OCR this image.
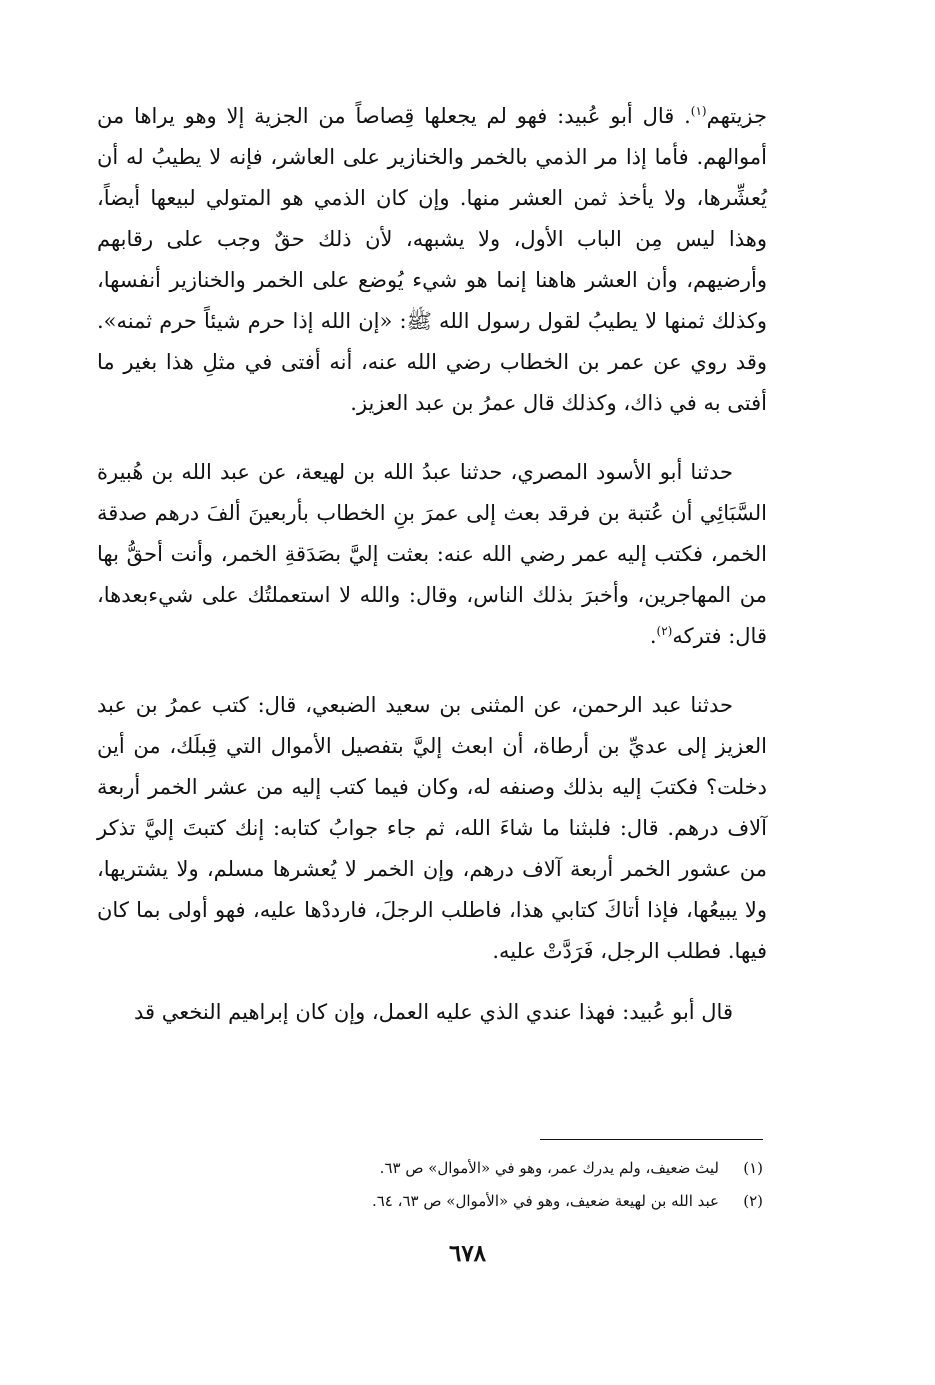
جزيتهم$^{(١)}$. قال أبو عُبيد: فهو لم يجعلها قِصاصاً من الجزية إلا وهو يراها من أموالهم. فأما إذا مر الذمي بالخمر والخنازير على العاشر، فإنه لا يطيبُ له أن يُعشِّرها، ولا يأخذ ثمن العشر منها. وإن كان الذمي هو المتولي لبيعها أيضاً، وهذا ليس مِن الباب الأول، ولا يشبهه، لأن ذلك حقٌ وجب على رقابهم وأرضيهم، وأن العشر هاهنا إنما هو شيء يُوضع على الخمر والخنازير أنفسها، وكذلك ثمنها لا يطيبُ لقول رسول الله ﷺ: «إن الله إذا حرم شيئاً حرم ثمنه». وقد روي عن عمر بن الخطاب رضي الله عنه، أنه أفتى في مثلِ هذا بغير ما أفتى به في ذاك، وكذلك قال عمرُ بن عبد العزيز.

حدثنا أبو الأسود المصري، حدثنا عبدُ الله بن لهيعة، عن عبد الله بن هُبيرة السَّبَائِي أن عُتبة بن فرقد بعث إلى عمرَ بنِ الخطاب بأربعينَ ألفَ درهم صدقة الخمر، فكتب إليه عمر رضي الله عنه: بعثت إليَّ بصَدَقةِ الخمر، وأنت أحقُّ بها من المهاجرين، وأخبرَ بذلك الناس، وقال: والله لا استعملتُك على شيءبعدها، قال: فتركه$^{(٢)}$.

حدثنا عبد الرحمن، عن المثنى بن سعيد الضبعي، قال: كتب عمرُ بن عبد العزيز إلى عديِّ بن أرطاة، أن ابعث إليَّ بتفصيل الأموال التي قِبلَك، من أين دخلت؟ فكتبَ إليه بذلك وصنفه له، وكان فيما كتب إليه من عشر الخمر أربعة آلاف درهم. قال: فلبثنا ما شاءَ الله، ثم جاء جوابُ كتابه: إنك كتبتَ إليَّ تذكر من عشور الخمر أربعة آلاف درهم، وإن الخمر لا يُعشرها مسلم، ولا يشتريها، ولا يبيعُها، فإذا أتاكَ كتابي هذا، فاطلب الرجلَ، فارددْها عليه، فهو أولى بما كان فيها. فطلب الرجل، فَرَدَّتْ عليه.

قال أبو عُبيد: فهذا عندي الذي عليه العمل، وإن كان إبراهيم النخعي قد

(١)ليث ضعيف، ولم يدرك عمر، وهو في «الأموال» ص ٦٣.

(٢)عبد الله بن لهيعة ضعيف، وهو في «الأموال» ص ٦٣، ٦٤.

٦٧٨
